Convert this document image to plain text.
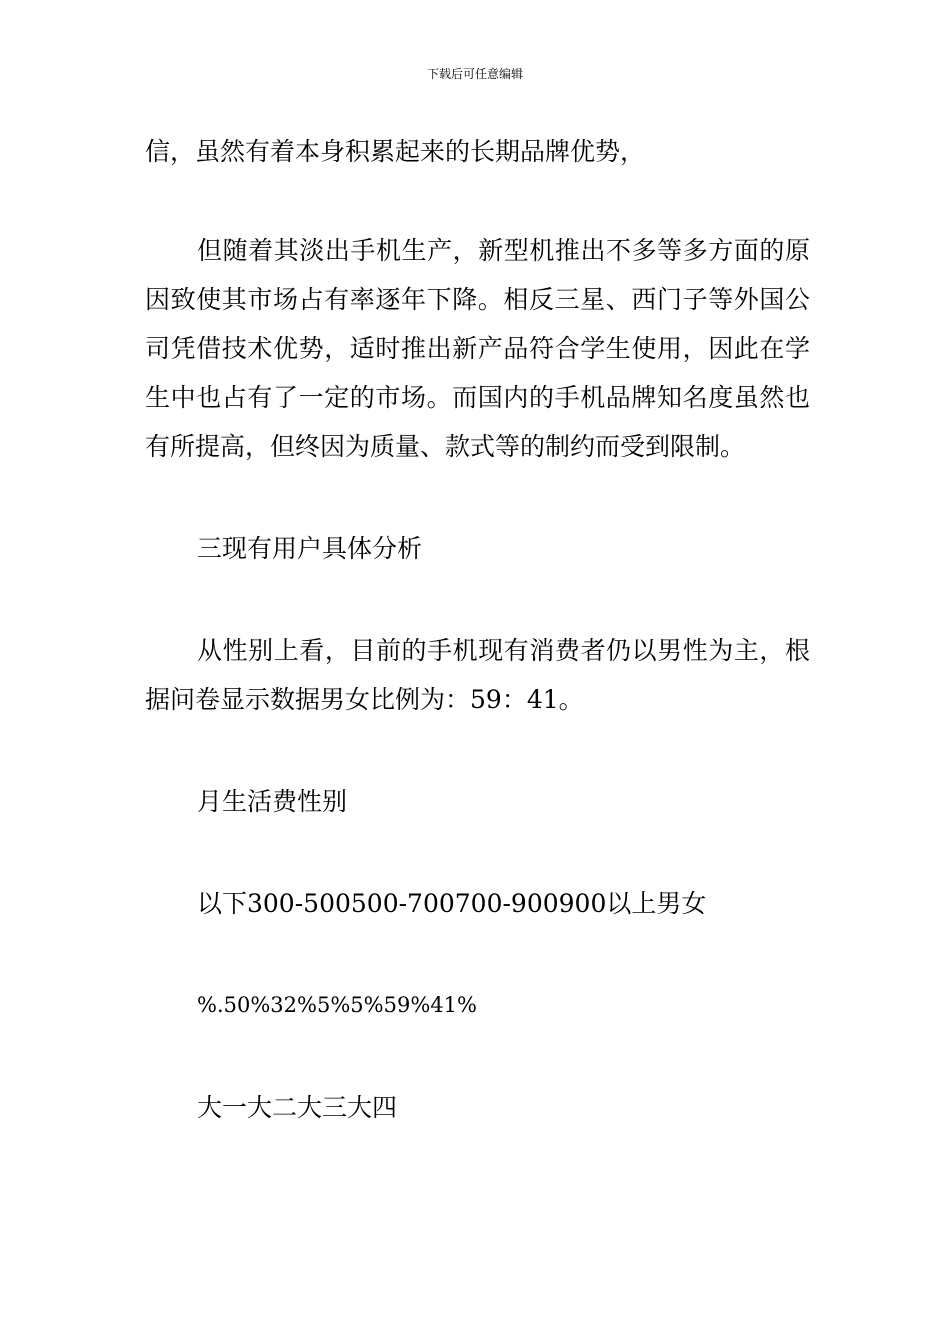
下载后可任意编辑

信，虽然有着本身积累起来的长期品牌优势，

但随着其淡出手机生产，新型机推出不多等多方面的原因致使其市场占有率逐年下降。相反三星、西门子等外国公司凭借技术优势，适时推出新产品符合学生使用，因此在学生中也占有了一定的市场。而国内的手机品牌知名度虽然也有所提高，但终因为质量、款式等的制约而受到限制。

三现有用户具体分析

从性别上看，目前的手机现有消费者仍以男性为主，根据问卷显示数据男女比例为：59：41。

月生活费性别

以下300-500500-700700-900900以上男女

%.50%32%5%5%59%41%

大一大二大三大四
